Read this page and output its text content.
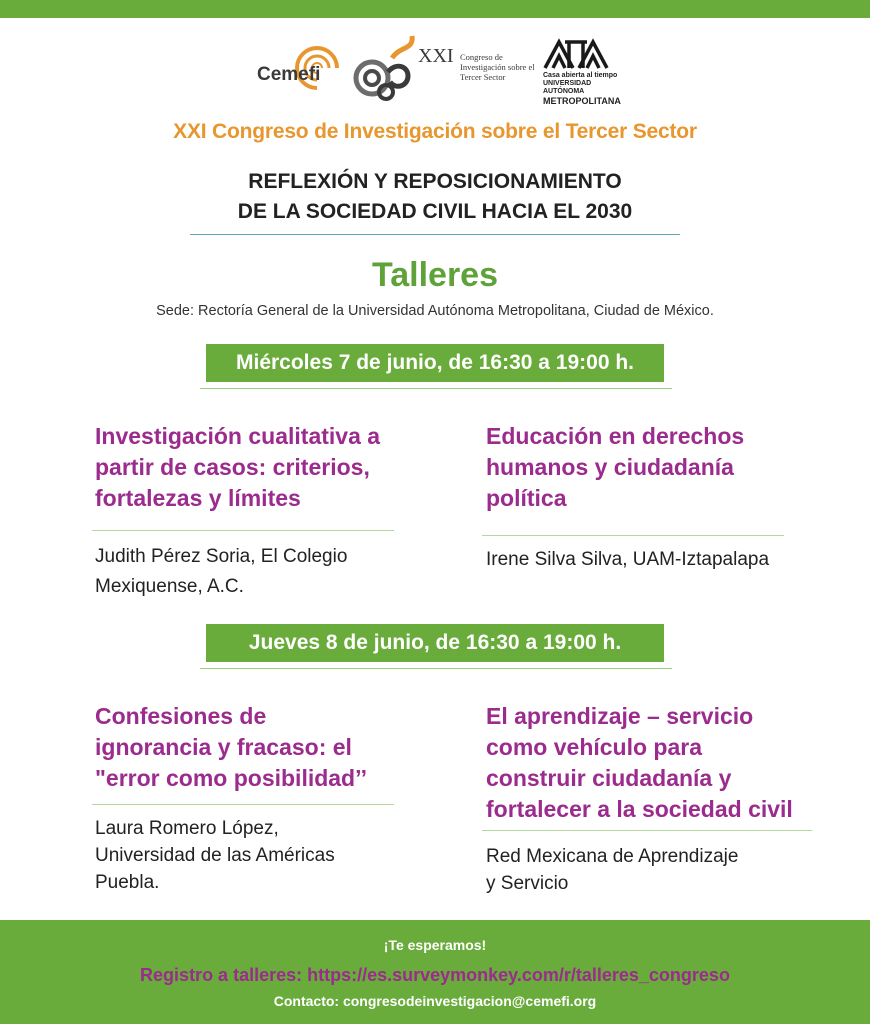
Cemefi
XXI Congreso de Investigación sobre el Tercer Sector	Casa abierta al tiempo
UNIVERSIDAD AUTÓNOMA
METROPOLITANA
XXI Congreso de Investigación sobre el Tercer Sector
REFLEXIÓN Y REPOSICIONAMIENTO
DE LA SOCIEDAD CIVIL HACIA EL 2030
Talleres
Sede: Rectoría General de la Universidad Autónoma Metropolitana, Ciudad de México.
Miércoles 7 de junio, de 16:30 a 19:00 h.
Investigación cualitativa a
partir de casos: criterios,
fortalezas y límites
Judith Pérez Soria, El Colegio
Mexiquense, A.C.
Educación en derechos
humanos y ciudadanía
política
Irene Silva Silva, UAM-Iztapalapa
Jueves 8 de junio, de 16:30 a 19:00 h.
Confesiones de
ignorancia y fracaso: el
"error como posibilidad’’
Laura Romero López,
Universidad de las Américas
Puebla.
El aprendizaje – servicio
como vehículo para
construir ciudadanía y
fortalecer a la sociedad civil
Red Mexicana de Aprendizaje
y Servicio
¡Te esperamos!
Registro a talleres: https://es.surveymonkey.com/r/talleres_congreso
Contacto: congresodeinvestigacion@cemefi.org
